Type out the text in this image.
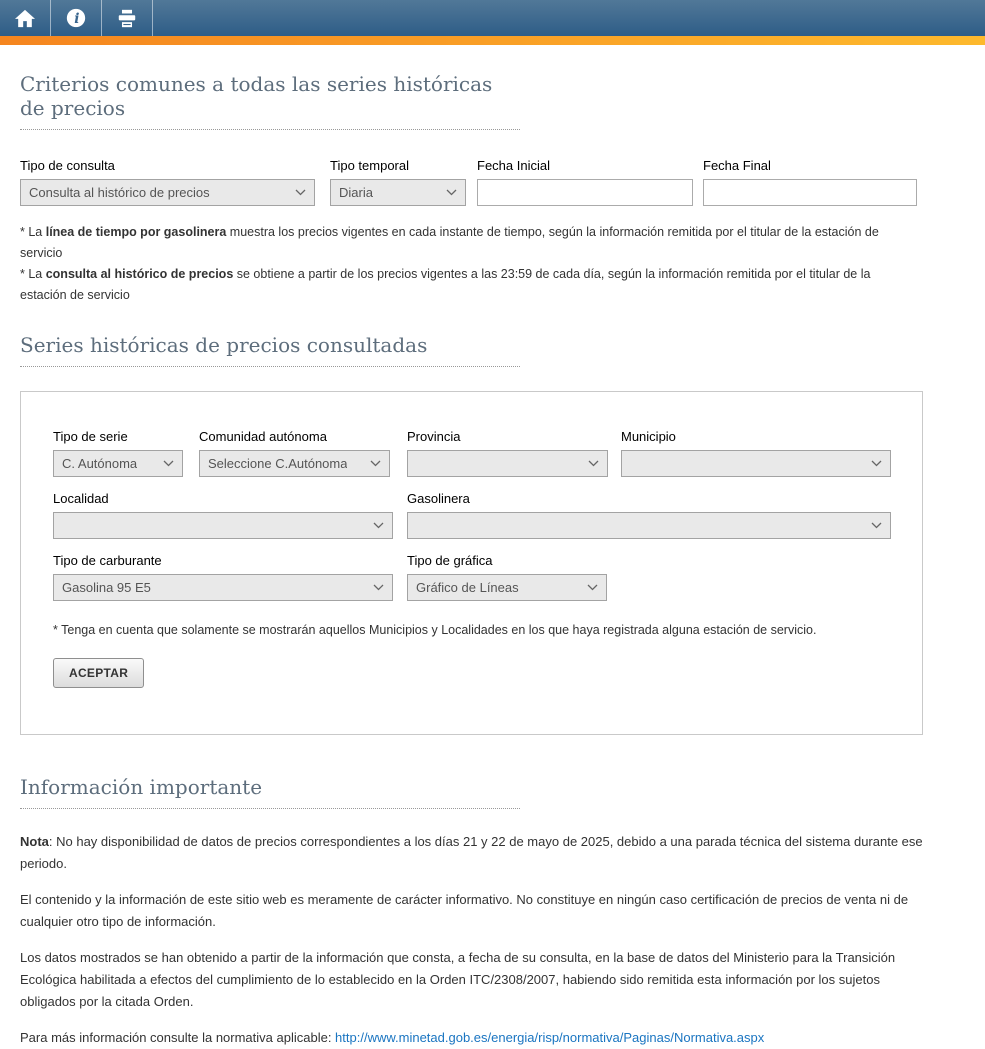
i
Criterios comunes a todas las series históricas de precios
Tipo de consulta
Consulta al histórico de precios
Tipo temporal
Diaria
Fecha Inicial	Fecha Final

* La línea de tiempo por gasolinera muestra los precios vigentes en cada instante de tiempo, según la información remitida por el titular de la estación de servicio

* La consulta al histórico de precios se obtiene a partir de los precios vigentes a las 23:59 de cada día, según la información remitida por el titular de la estación de servicio

Series históricas de precios consultadas
Tipo de serie
C. Autónoma
Comunidad autónoma
Seleccione C.Autónoma
Provincia	Municipio
Localidad	Gasolinera
Tipo de carburante
Gasolina 95 E5
Tipo de gráfica
Gráfico de Líneas

* Tenga en cuenta que solamente se mostrarán aquellos Municipios y Localidades en los que haya registrada alguna estación de servicio.

ACEPTAR
Información importante

Nota: No hay disponibilidad de datos de precios correspondientes a los días 21 y 22 de mayo de 2025, debido a una parada técnica del sistema durante ese periodo.

El contenido y la información de este sitio web es meramente de carácter informativo. No constituye en ningún caso certificación de precios de venta ni de cualquier otro tipo de información.

Los datos mostrados se han obtenido a partir de la información que consta, a fecha de su consulta, en la base de datos del Ministerio para la Transición Ecológica habilitada a efectos del cumplimiento de lo establecido en la Orden ITC/2308/2007, habiendo sido remitida esta información por los sujetos obligados por la citada Orden.

Para más información consulte la normativa aplicable: http://www.minetad.gob.es/energia/risp/normativa/Paginas/Normativa.aspx
